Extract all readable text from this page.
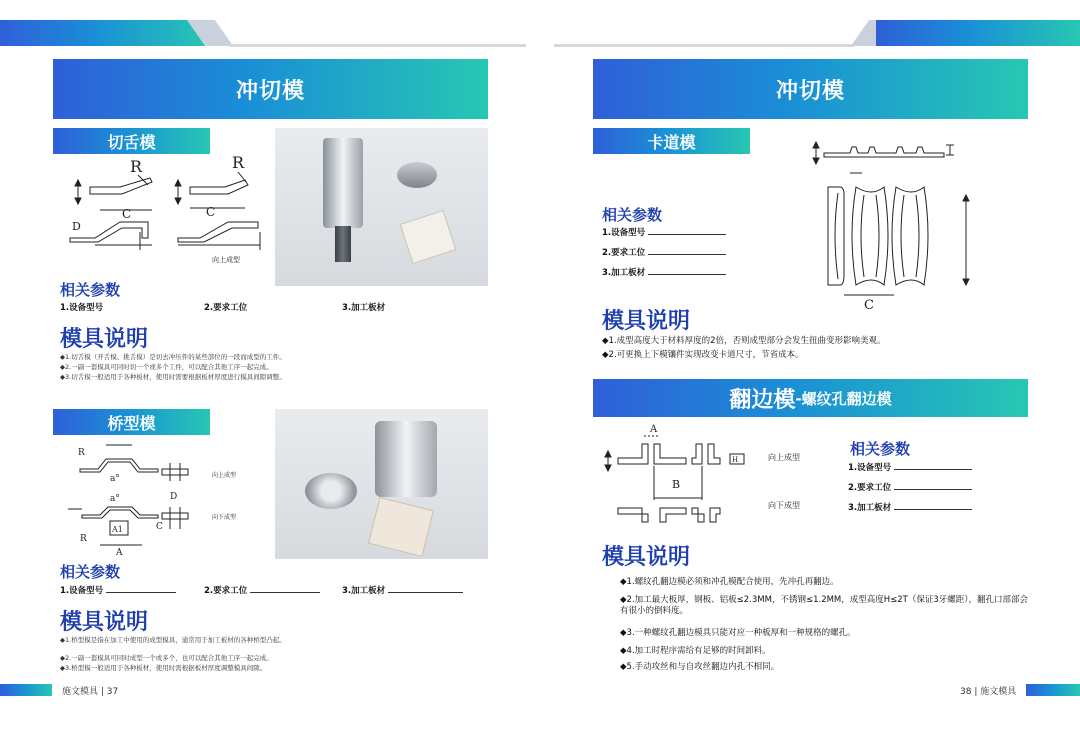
冲切模
切舌模
R
C
D
R
C
向上成型
相关参数
1.设备型号	2.要求工位	3.加工板材
模具说明
◆1.切舌模（开舌模、挑舌模）是切去冲压件的某些部位的一段而成型的工件。
◆2.一副一套模具可同时切一个或多个工件，可以配合其他工序一起完成。
◆3.切舌模一般适用于各种板材，使用时需要根据板材厚度进行模具间隙调整。
桥型模
R
a°
a°
A1
R
A
D
C
向上成型
向下成型
相关参数
1.设备型号	2.要求工位	3.加工板材
模具说明
◆1.桥型模是指在加工中使用的成型模具，通常用于加工板材的各种桥型凸起。
◆2.一副一套模具可同时成型一个或多个，也可以配合其他工序一起完成。
◆3.桥型模一般适用于各种板材，使用时需根据板材厚度调整模具间隙。
施文模具 | 37
冲切模
卡道模
C
相关参数
1.设备型号
2.要求工位
3.加工板材
模具说明
◆1.成型高度大于材料厚度的2倍，否则成型部分会发生扭曲变形影响美观。
◆2.可更换上下模镶件实现改变卡道尺寸，节省成本。
翻边模 -螺纹孔翻边模
A
B
H	向上成型
向下成型
相关参数
1.设备型号
2.要求工位
3.加工板材
模具说明
◆1.螺纹孔翻边模必须和冲孔模配合使用，先冲孔再翻边。
◆2.加工最大板厚，钢板、铝板≤2.3MM，不锈钢≤1.2MM，成型高度H≤2T（保证3牙螺距），翻孔口部部会有很小的倒料度。
◆3.一种螺纹孔翻边模具只能对应一种板厚和一种规格的螺孔。
◆4.加工时程序需给有足够的时间卸料。
◆5.手动攻丝和与自攻丝翻边内孔不相同。
38 | 施文模具
